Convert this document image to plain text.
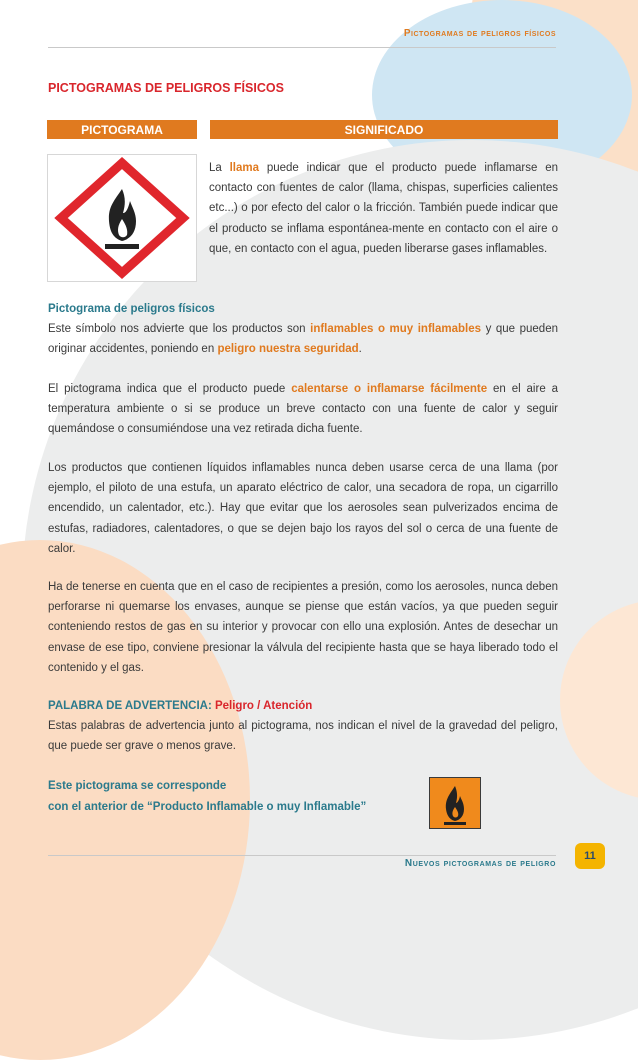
Pictogramas de peligros físicos
PICTOGRAMAS DE PELIGROS FÍSICOS
PICTOGRAMA	SIGNIFICADO
La llama puede indicar que el producto puede inflamarse en contacto con fuentes de calor (llama, chispas, superficies calientes etc...) o por efecto del calor o la fricción. También puede indicar que el producto se inflama espontánea-mente en contacto con el aire o que, en contacto con el agua, pueden liberarse gases inflamables.
Pictograma de peligros físicos
Este símbolo nos advierte que los productos son inflamables o muy inflamables y que pueden originar accidentes, poniendo en peligro nuestra seguridad.

El pictograma indica que el producto puede calentarse o inflamarse fácilmente en el aire a temperatura ambiente o si se produce un breve contacto con una fuente de calor y seguir quemándose o consumiéndose una vez retirada dicha fuente.

Los productos que contienen líquidos inflamables nunca deben usarse cerca de una llama (por ejemplo, el piloto de una estufa, un aparato eléctrico de calor, una secadora de ropa, un cigarrillo encendido, un calentador, etc.). Hay que evitar que los aerosoles sean pulverizados encima de estufas, radiadores, calentadores, o que se dejen bajo los rayos del sol o cerca de una fuente de calor.

Ha de tenerse en cuenta que en el caso de recipientes a presión, como los aerosoles, nunca deben perforarse ni quemarse los envases, aunque se piense que están vacíos, ya que pueden seguir conteniendo restos de gas en su interior y provocar con ello una explosión. Antes de desechar un envase de ese tipo, conviene presionar la válvula del recipiente hasta que se haya liberado todo el contenido y el gas.

PALABRA DE ADVERTENCIA: Peligro / Atención
Estas palabras de advertencia junto al pictograma, nos indican el nivel de la gravedad del peligro, que puede ser grave o menos grave.
Este pictograma se corresponde
con el anterior de “Producto Inflamable o muy Inflamable”
Nuevos pictogramas de peligro
11
